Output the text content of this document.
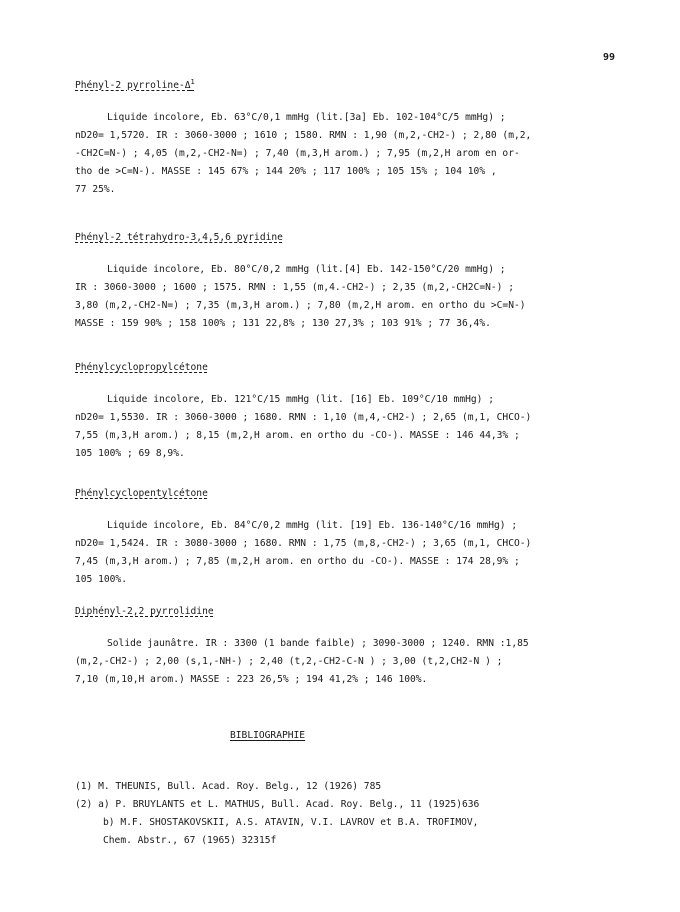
99
Phényl-2 pyrroline-$\Delta^1$
Liquide incolore, Eb. 63°C/0,1 mmHg (lit.[3a] Eb. 102-104°C/5 mmHg) ;
nD20= 1,5720. IR : 3060-3000 ; 1610 ; 1580. RMN : 1,90 (m,2,-CH2-) ; 2,80 (m,2,
-CH2C=N-) ; 4,05 (m,2,-CH2-N=) ; 7,40 (m,3,H arom.) ; 7,95 (m,2,H arom en or-
tho de >C=N-). MASSE : 145 67% ; 144 20% ; 117 100% ; 105 15% ; 104 10% ,
77 25%.
Phényl-2 tétrahydro-3,4,5,6 pyridine
Liquide incolore, Eb. 80°C/0,2 mmHg (lit.[4] Eb. 142-150°C/20 mmHg) ;
IR : 3060-3000 ; 1600 ; 1575. RMN : 1,55 (m,4.-CH2-) ; 2,35 (m,2,-CH2C=N-) ;
3,80 (m,2,-CH2-N=) ; 7,35 (m,3,H arom.) ; 7,80 (m,2,H arom. en ortho du >C=N-)
MASSE : 159 90% ; 158 100% ; 131 22,8% ; 130 27,3% ; 103 91% ; 77 36,4%.
Phénylcyclopropylcétone
Liquide incolore, Eb. 121°C/15 mmHg (lit. [16] Eb. 109°C/10 mmHg) ;
nD20= 1,5530. IR : 3060-3000 ; 1680. RMN : 1,10 (m,4,-CH2-) ; 2,65 (m,1, CHCO-)
7,55 (m,3,H arom.) ; 8,15 (m,2,H arom. en ortho du -CO-). MASSE : 146 44,3% ;
105 100% ; 69 8,9%.
Phénylcyclopentylcétone
Liquide incolore, Eb. 84°C/0,2 mmHg (lit. [19] Eb. 136-140°C/16 mmHg) ;
nD20= 1,5424. IR : 3080-3000 ; 1680. RMN : 1,75 (m,8,-CH2-) ; 3,65 (m,1, CHCO-)
7,45 (m,3,H arom.) ; 7,85 (m,2,H arom. en ortho du -CO-). MASSE : 174 28,9% ;
105 100%.
Diphényl-2,2 pyrrolidine
Solide jaunâtre. IR : 3300 (1 bande faible) ; 3090-3000 ; 1240. RMN :1,85
(m,2,-CH2-) ; 2,00 (s,1,-NH-) ; 2,40 (t,2,-CH2-C-N ) ; 3,00 (t,2,CH2-N ) ;
7,10 (m,10,H arom.) MASSE : 223 26,5% ; 194 41,2% ; 146 100%.
BIBLIOGRAPHIE
(1) M. THEUNIS, Bull. Acad. Roy. Belg., 12 (1926) 785
(2) a) P. BRUYLANTS et L. MATHUS, Bull. Acad. Roy. Belg., 11 (1925)636
b) M.F. SHOSTAKOVSKII, A.S. ATAVIN, V.I. LAVROV et B.A. TROFIMOV,
Chem. Abstr., 67 (1965) 32315f
